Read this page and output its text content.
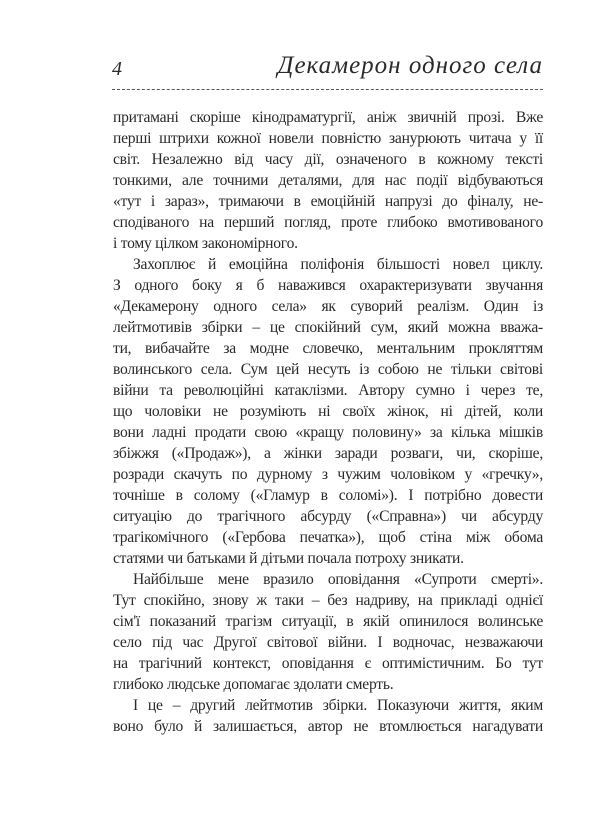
4	Декамерон одного села
притамані скоріше кінодраматургії, аніж звичній прозі. Вже
перші штрихи кожної новели повністю занурюють читача у її
світ. Незалежно від часу дії, означеного в кожному тексті
тонкими, але точними деталями, для нас події відбуваються
«тут і зараз», тримаючи в емоційній напрузі до фіналу, не-
сподіваного на перший погляд, проте глибоко вмотивованого
і тому цілком закономірного.
Захоплює й емоційна поліфонія більшості новел циклу.
З одного боку я б наважився охарактеризувати звучання
«Декамерону одного села» як суворий реалізм. Один із
лейтмотивів збірки – це спокійний сум, який можна вважа-
ти, вибачайте за модне словечко, ментальним прокляттям
волинського села. Сум цей несуть із собою не тільки світові
війни та революційні катаклізми. Автору сумно і через те,
що чоловіки не розуміють ні своїх жінок, ні дітей, коли
вони ладні продати свою «кращу половину» за кілька мішків
збіжжя («Продаж»), а жінки заради розваги, чи, скоріше,
розради скачуть по дурному з чужим чоловіком у «гречку»,
точніше в солому («Гламур в соломі»). І потрібно довести
ситуацію до трагічного абсурду («Справна») чи абсурду
трагікомічного («Гербова печатка»), щоб стіна між обома
статями чи батьками й дітьми почала потроху зникати.
Найбільше мене вразило оповідання «Супроти смерті».
Тут спокійно, знову ж таки – без надриву, на прикладі однієї
сім'ї показаний трагізм ситуації, в якій опинилося волинське
село під час Другої світової війни. І водночас, незважаючи
на трагічний контекст, оповідання є оптимістичним. Бо тут
глибоко людське допомагає здолати смерть.
І це – другий лейтмотив збірки. Показуючи життя, яким
воно було й залишається, автор не втомлюється нагадувати
